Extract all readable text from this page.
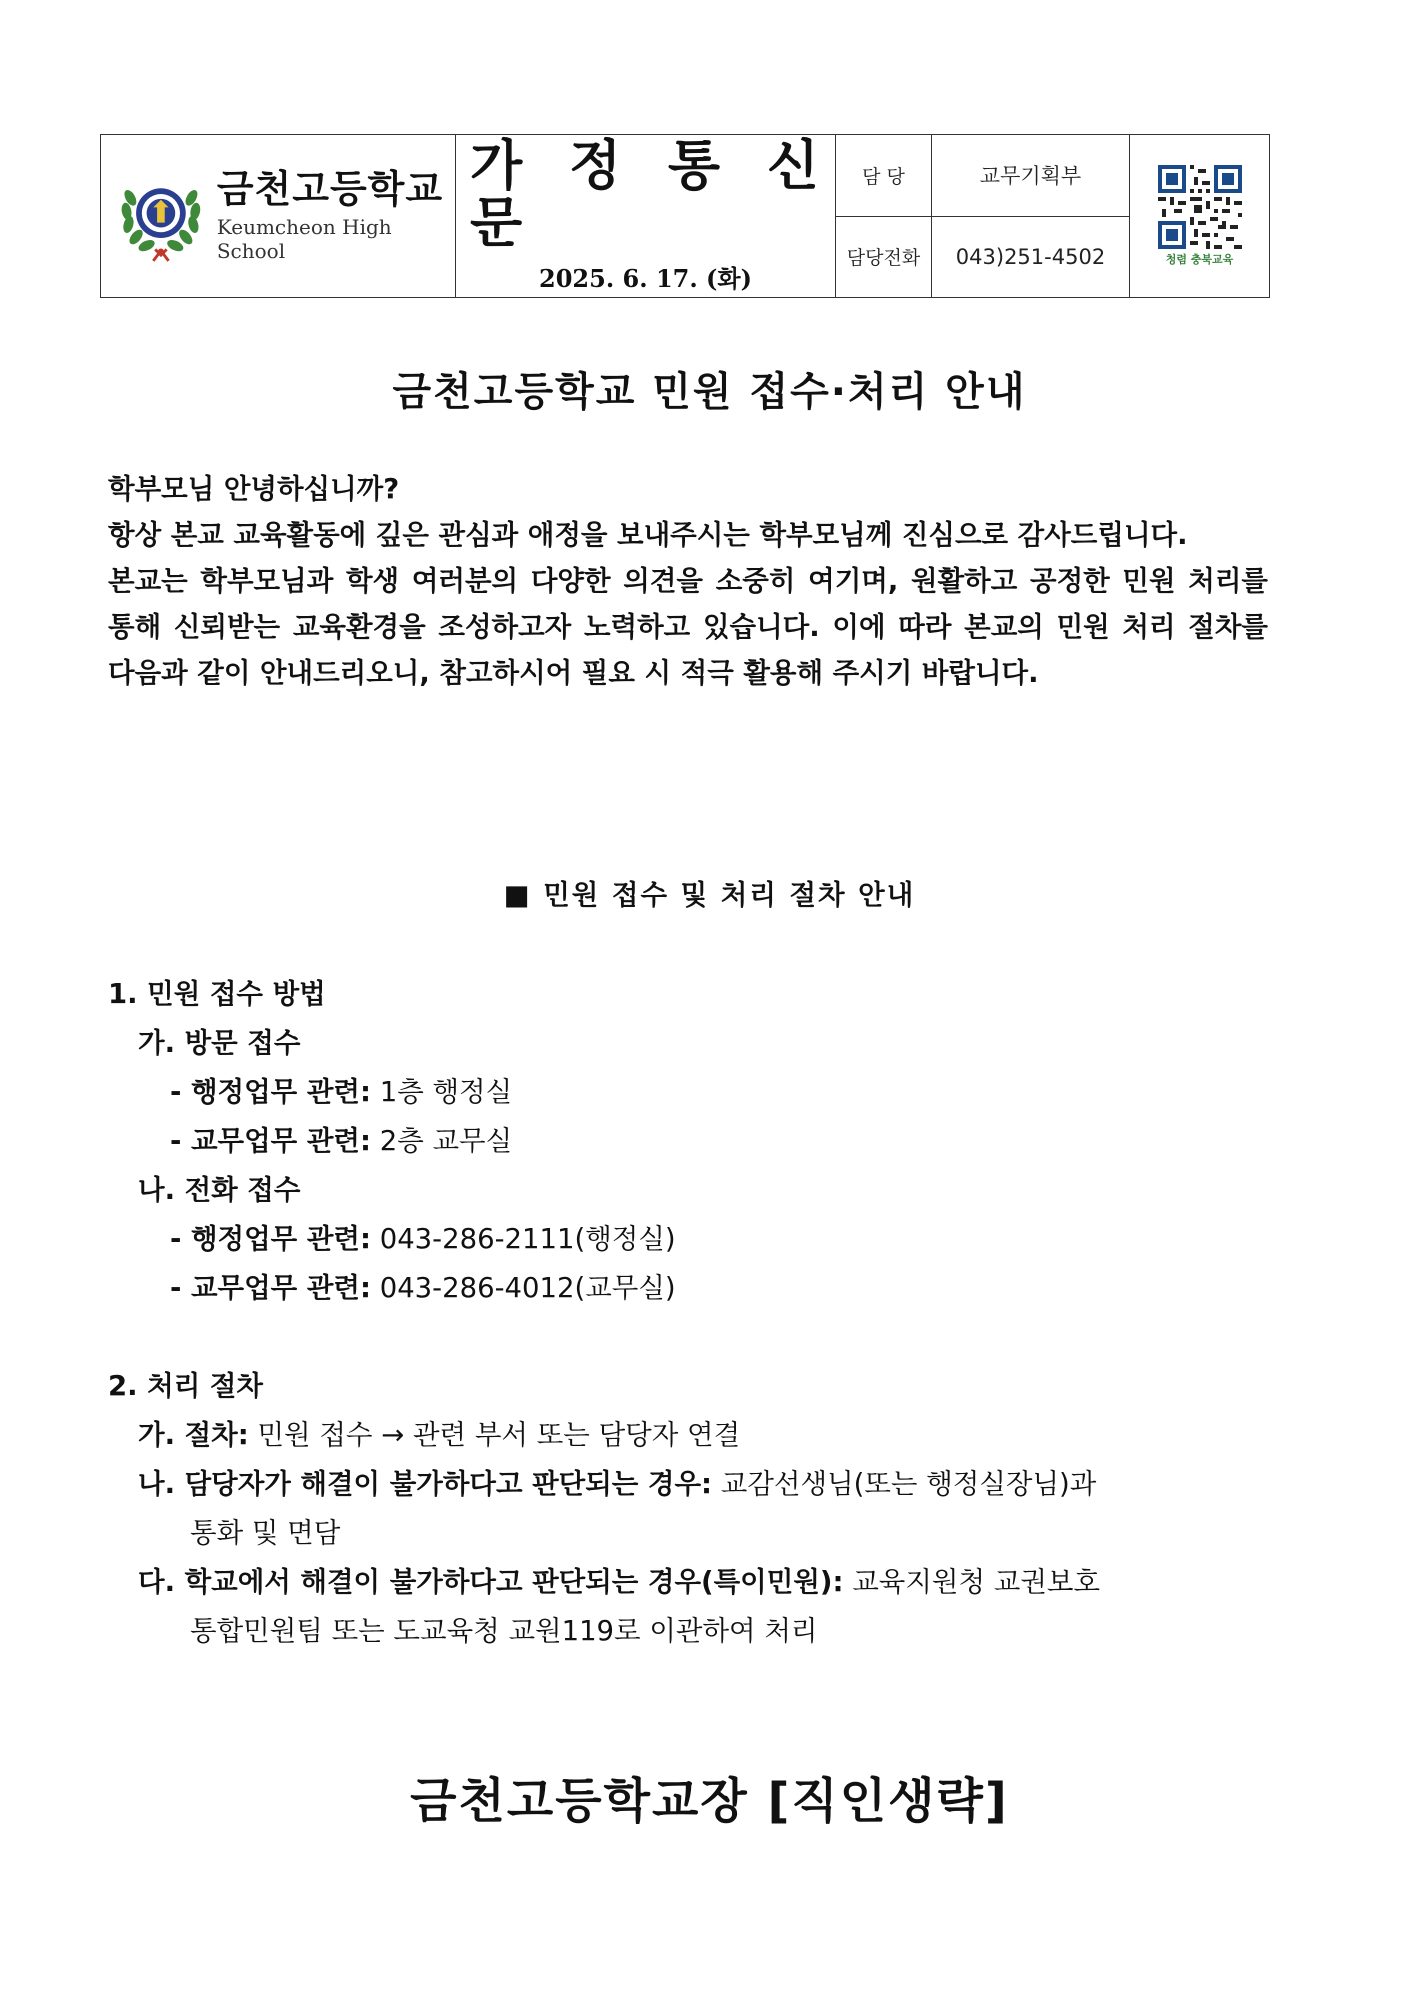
금천고등학교
Keumcheon High School
가 정 통 신 문
2025. 6. 17. (화)
담 당
담당전화
교무기획부
043)251-4502	청렴 충북교육
금천고등학교 민원 접수·처리 안내

학부모님 안녕하십니까?

항상 본교 교육활동에 깊은 관심과 애정을 보내주시는 학부모님께 진심으로 감사드립니다.

본교는 학부모님과 학생 여러분의 다양한 의견을 소중히 여기며, 원활하고 공정한 민원 처리를 통해 신뢰받는 교육환경을 조성하고자 노력하고 있습니다. 이에 따라 본교의 민원 처리 절차를 다음과 같이 안내드리오니, 참고하시어 필요 시 적극 활용해 주시기 바랍니다.

■ 민원 접수 및 처리 절차 안내
1. 민원 접수 방법
가. 방문 접수
- 행정업무 관련: 1층 행정실
- 교무업무 관련: 2층 교무실
나. 전화 접수
- 행정업무 관련: 043-286-2111(행정실)
- 교무업무 관련: 043-286-4012(교무실)
2. 처리 절차
가. 절차: 민원 접수 → 관련 부서 또는 담당자 연결
나. 담당자가 해결이 불가하다고 판단되는 경우: 교감선생님(또는 행정실장님)과
통화 및 면담
다. 학교에서 해결이 불가하다고 판단되는 경우(특이민원): 교육지원청 교권보호
통합민원팀 또는 도교육청 교원119로 이관하여 처리
금천고등학교장 [직인생략]
